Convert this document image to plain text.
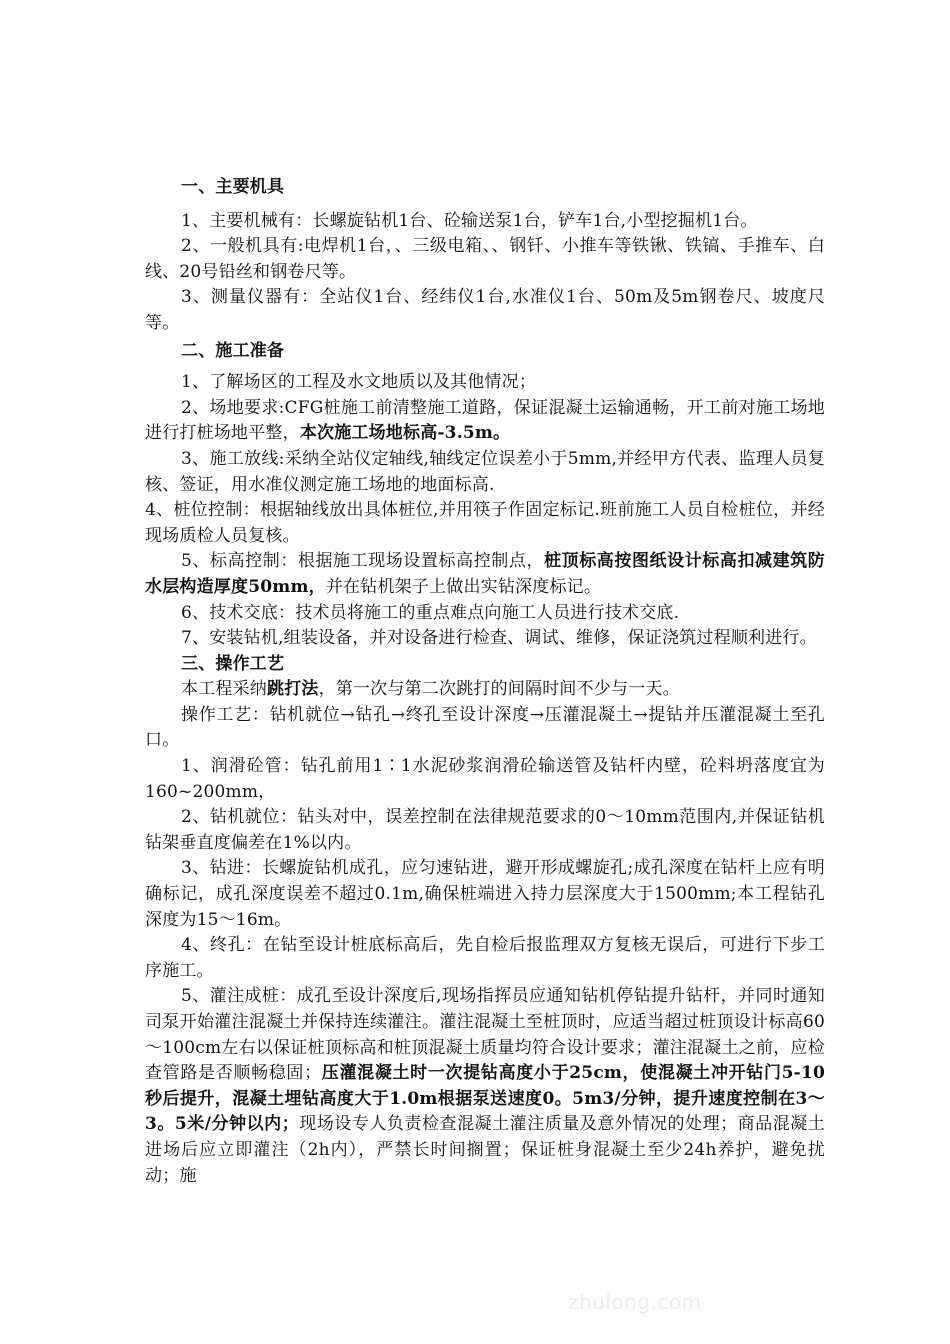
一、主要机具

1、主要机械有：长螺旋钻机1台、砼输送泵1台，铲车1台,小型挖掘机1台。

2、一般机具有:电焊机1台，、三级电箱、、钢钎、小推车等铁锹、铁镐、手推车、白线、20号铅丝和钢卷尺等。

3、测量仪器有：全站仪1台、经纬仪1台,水准仪1台、50m及5m钢卷尺、坡度尺等。

二、施工准备

1、了解场区的工程及水文地质以及其他情况；

2、场地要求:CFG桩施工前清整施工道路，保证混凝土运输通畅，开工前对施工场地进行打桩场地平整，本次施工场地标高-3.5m。

3、施工放线:采纳全站仪定轴线,轴线定位误差小于5mm,并经甲方代表、监理人员复核、签证，用水准仪测定施工场地的地面标高.

4、桩位控制：根据轴线放出具体桩位,并用筷子作固定标记.班前施工人员自检桩位，并经现场质检人员复核。

5、标高控制：根据施工现场设置标高控制点，桩顶标高按图纸设计标高扣减建筑防水层构造厚度50mm，并在钻机架子上做出实钻深度标记。

6、技术交底：技术员将施工的重点难点向施工人员进行技术交底.

7、安装钻机,组装设备，并对设备进行检查、调试、维修，保证浇筑过程顺利进行。

三、操作工艺

本工程采纳跳打法，第一次与第二次跳打的间隔时间不少与一天。

操作工艺：钻机就位→钻孔→终孔至设计深度→压灌混凝土→提钻并压灌混凝土至孔口。

1、润滑砼管：钻孔前用1∶1水泥砂浆润滑砼输送管及钻杆内壁，砼料坍落度宜为160~200mm，

2、钻机就位：钻头对中，误差控制在法律规范要求的0～10mm范围内,并保证钻机钻架垂直度偏差在1%以内。

3、钻进：长螺旋钻机成孔，应匀速钻进，避开形成螺旋孔;成孔深度在钻杆上应有明确标记，成孔深度误差不超过0.1m,确保桩端进入持力层深度大于1500mm;本工程钻孔深度为15～16m。

4、终孔：在钻至设计桩底标高后，先自检后报监理双方复核无误后，可进行下步工序施工。

5、灌注成桩：成孔至设计深度后,现场指挥员应通知钻机停钻提升钻杆，并同时通知司泵开始灌注混凝土并保持连续灌注。灌注混凝土至桩顶时，应适当超过桩顶设计标高60～100cm左右以保证桩顶标高和桩顶混凝土质量均符合设计要求；灌注混凝土之前，应检查管路是否顺畅稳固；压灌混凝土时一次提钻高度小于25cm，使混凝土冲开钻门5-10秒后提升，混凝土埋钻高度大于1.0m根据泵送速度0。5m3/分钟，提升速度控制在3～3。5米/分钟以内；现场设专人负责检查混凝土灌注质量及意外情况的处理；商品混凝土进场后应立即灌注（2h内），严禁长时间搁置；保证桩身混凝土至少24h养护，避免扰动；施

zhulong.com
